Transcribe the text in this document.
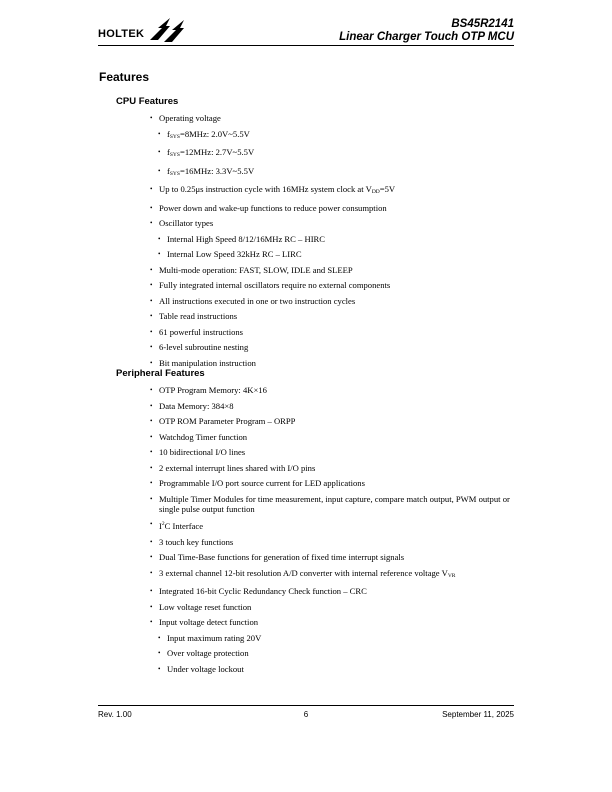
HOLTEK
BS45R2141
Linear Charger Touch OTP MCU
Features
CPU Features
• Operating voltage
• fSYS=8MHz: 2.0V~5.5V
• fSYS=12MHz: 2.7V~5.5V
• fSYS=16MHz: 3.3V~5.5V
• Up to 0.25μs instruction cycle with 16MHz system clock at VDD=5V
• Power down and wake-up functions to reduce power consumption
• Oscillator types
• Internal High Speed 8/12/16MHz RC – HIRC
• Internal Low Speed 32kHz RC – LIRC
• Multi-mode operation: FAST, SLOW, IDLE and SLEEP
• Fully integrated internal oscillators require no external components
• All instructions executed in one or two instruction cycles
• Table read instructions
• 61 powerful instructions
• 6-level subroutine nesting
• Bit manipulation instruction
Peripheral Features
• OTP Program Memory: 4K×16
• Data Memory: 384×8
• OTP ROM Parameter Program – ORPP
• Watchdog Timer function
• 10 bidirectional I/O lines
• 2 external interrupt lines shared with I/O pins
• Programmable I/O port source current for LED applications
• Multiple Timer Modules for time measurement, input capture, compare match output, PWM output or single pulse output function
• $I^2C$ Interface
• 3 touch key functions
• Dual Time-Base functions for generation of fixed time interrupt signals
• 3 external channel 12-bit resolution A/D converter with internal reference voltage VVR
• Integrated 16-bit Cyclic Redundancy Check function – CRC
• Low voltage reset function
• Input voltage detect function
• Input maximum rating 20V
• Over voltage protection
• Under voltage lockout
Rev. 1.00	6	September 11, 2025
